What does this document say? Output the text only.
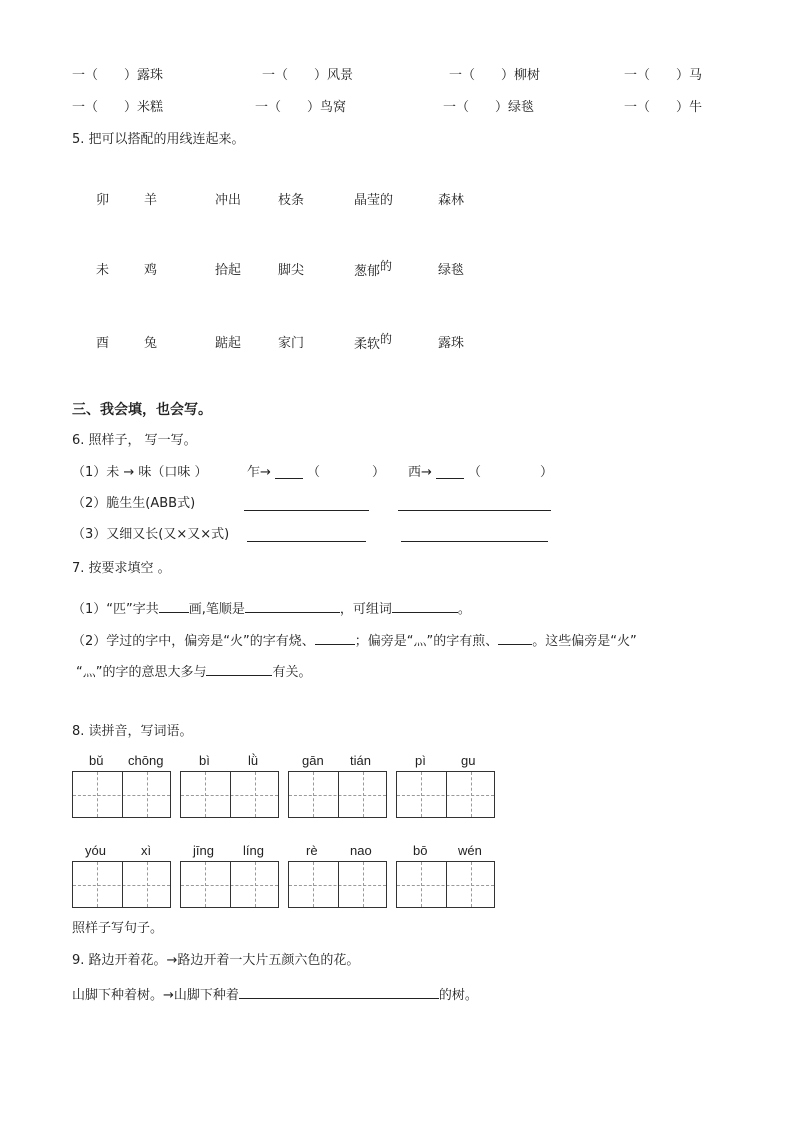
一（　　）露珠	一（　　）风景	一（　　）柳树	一（　　）马
一（　　）米糕	一（　　）鸟窝	一（　　）绿毯	一（　　）牛
5. 把可以搭配的用线连起来。
卯	羊	冲出	枝条	晶莹的	森林
未	鸡	拾起	脚尖	葱郁的	绿毯
酉	兔	踮起	家门	柔软的	露珠
三、我会填，也会写。
6. 照样子， 写一写。
（1）未 → 味（口味 ）	乍→	（	） 西→	（	）
（2）脆生生(ABB式)
（3）又细又长(又×又×式)
7. 按要求填空 。
（1）“匹”字共 画,笔顺是	，可组词	。
（2）学过的字中，偏旁是“火”的字有烧、	；偏旁是“灬”的字有煎、	。这些偏旁是“火”
“灬”的字的意思大多与	有关。
8. 读拼音，写词语。
bǔ chōng	bì	lǜ	gān tián	pì	gu
yóu	xì	jīng líng	rè nao	bō wén
照样子写句子。
9. 路边开着花。→路边开着一大片五颜六色的花。
山脚下种着树。→山脚下种着	的树。
